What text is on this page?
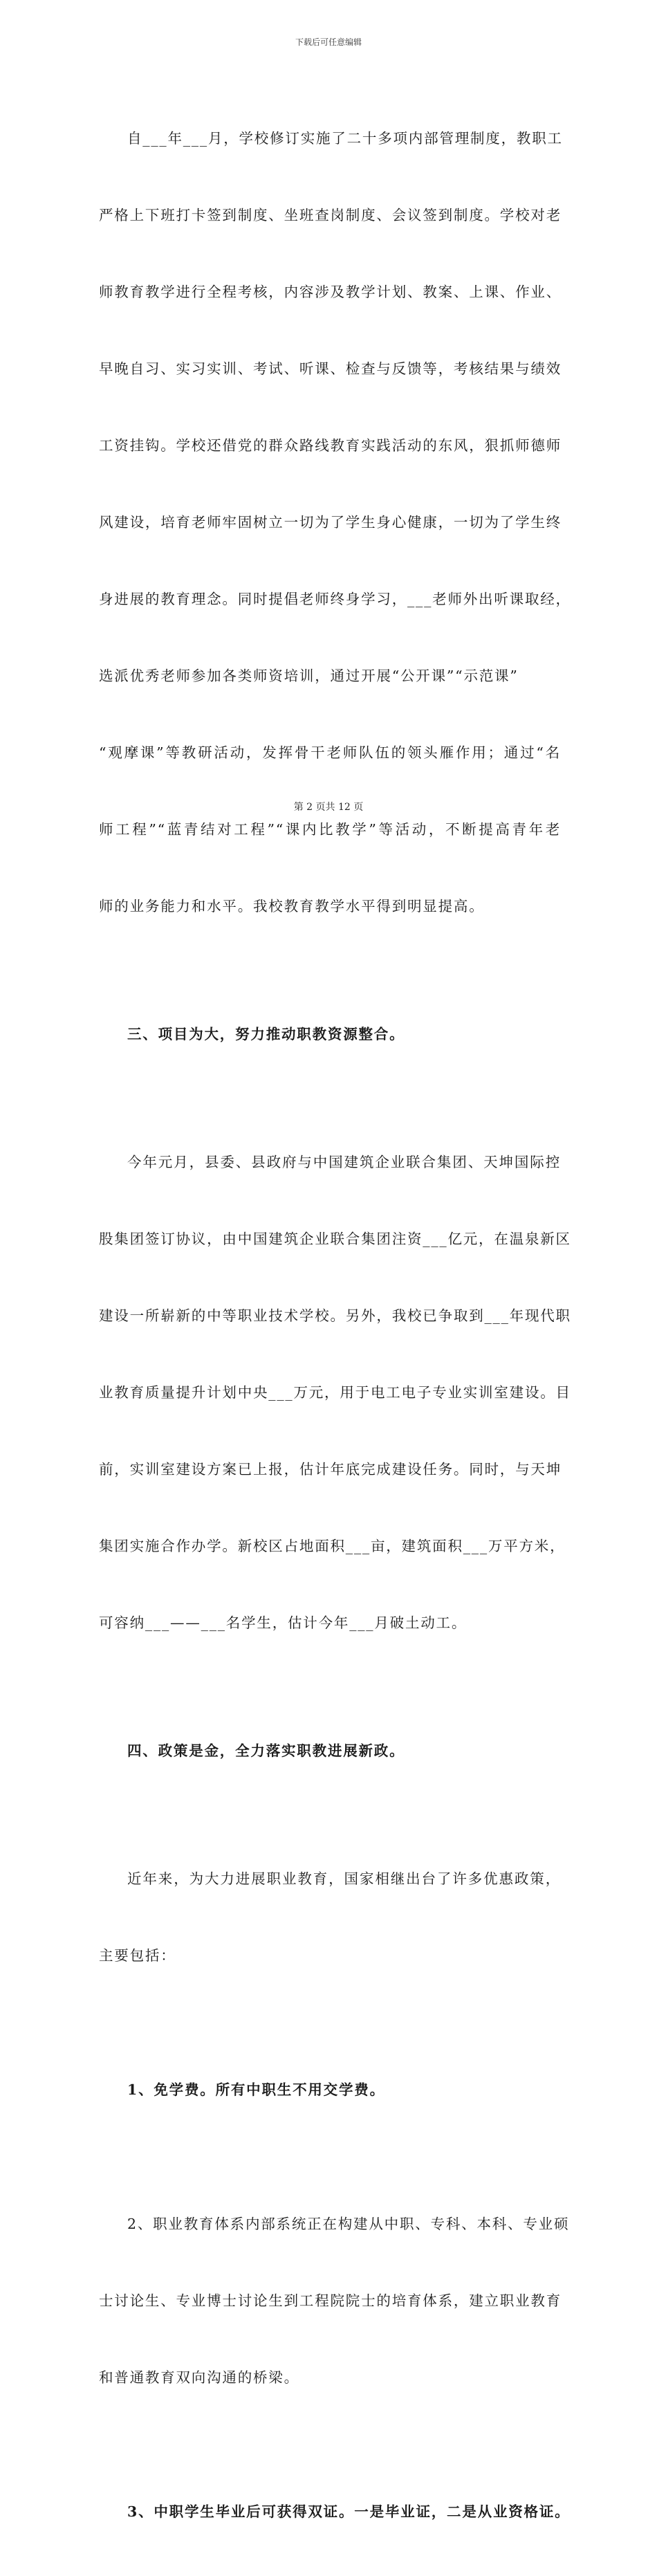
下载后可任意编辑

自___年___月，学校修订实施了二十多项内部管理制度，教职工

严格上下班打卡签到制度、坐班查岗制度、会议签到制度。学校对老

师教育教学进行全程考核，内容涉及教学计划、教案、上课、作业、

早晚自习、实习实训、考试、听课、检查与反馈等，考核结果与绩效

工资挂钩。学校还借党的群众路线教育实践活动的东风，狠抓师德师

风建设，培育老师牢固树立一切为了学生身心健康，一切为了学生终

身进展的教育理念。同时提倡老师终身学习，___老师外出听课取经，

选派优秀老师参加各类师资培训，通过开展“公开课”“示范课”

“观摩课”等教研活动，发挥骨干老师队伍的领头雁作用；通过“名

师工程”“蓝青结对工程”“课内比教学”等活动，不断提高青年老

师的业务能力和水平。我校教育教学水平得到明显提高。

三、项目为大，努力推动职教资源整合。

今年元月，县委、县政府与中国建筑企业联合集团、天坤国际控

股集团签订协议，由中国建筑企业联合集团注资___亿元，在温泉新区

建设一所崭新的中等职业技术学校。另外，我校已争取到___年现代职

业教育质量提升计划中央___万元，用于电工电子专业实训室建设。目

前，实训室建设方案已上报，估计年底完成建设任务。同时，与天坤

集团实施合作办学。新校区占地面积___亩，建筑面积___万平方米，

可容纳___——___名学生，估计今年___月破土动工。

四、政策是金，全力落实职教进展新政。

近年来，为大力进展职业教育，国家相继出台了许多优惠政策，

主要包括：

1、免学费。所有中职生不用交学费。

2、职业教育体系内部系统正在构建从中职、专科、本科、专业硕

士讨论生、专业博士讨论生到工程院院士的培育体系，建立职业教育

和普通教育双向沟通的桥梁。

3、中职学生毕业后可获得双证。一是毕业证，二是从业资格证。

第 2 页共 12 页
